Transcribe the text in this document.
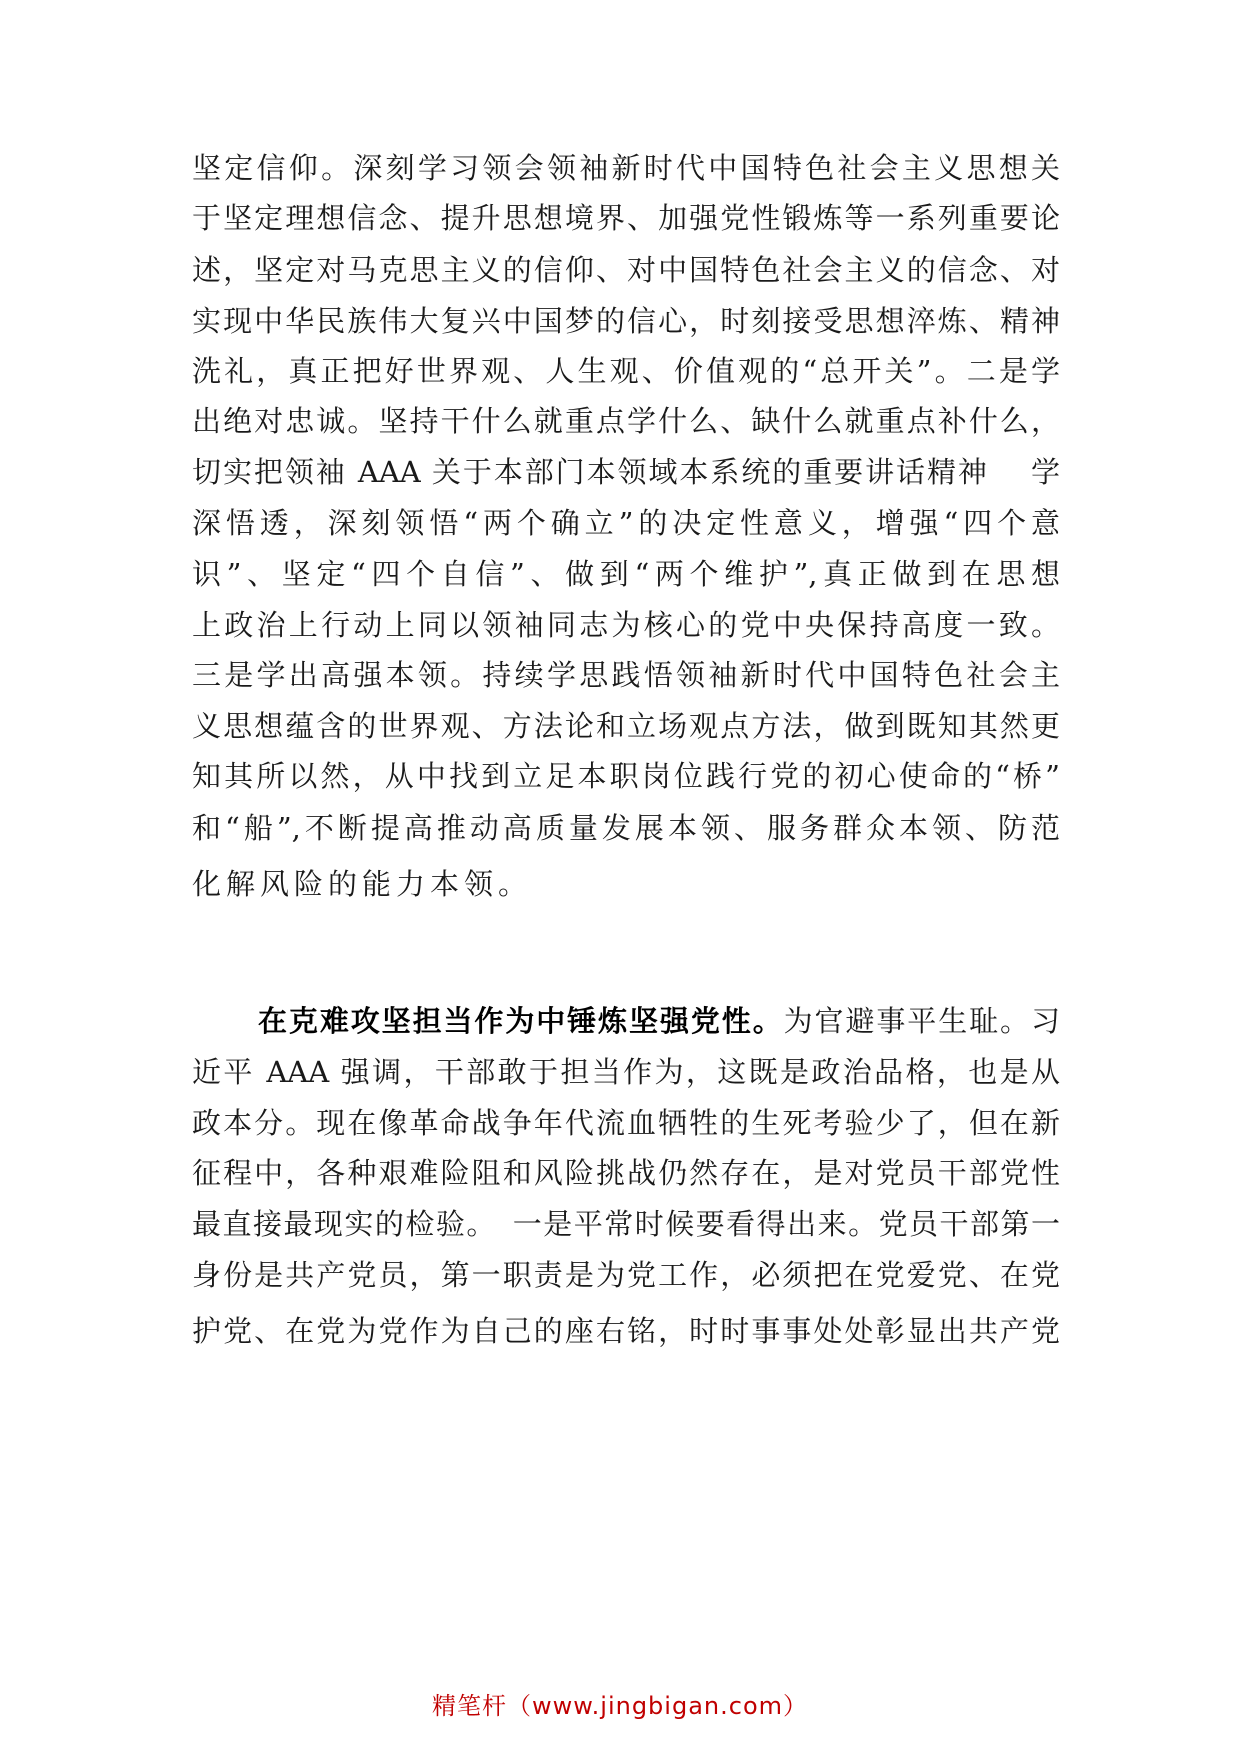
坚定信仰。深刻学习领会领袖新时代中国特色社会主义思想关
于坚定理想信念、提升思想境界、加强党性锻炼等一系列重要论
述，坚定对马克思主义的信仰、对中国特色社会主义的信念、对
实现中华民族伟大复兴中国梦的信心，时刻接受思想淬炼、精神
洗礼，真正把好世界观、人生观、价值观的“总开关”。二是学
出绝对忠诚。坚持干什么就重点学什么、缺什么就重点补什么，
切实把领袖 AAA 关于本部门本领域本系统的重要讲话精神　 学
深悟透，深刻领悟“两个确立”的决定性意义，增强“四个意
识”、坚定“四个自信”、做到“两个维护”,真正做到在思想
上政治上行动上同以领袖同志为核心的党中央保持高度一致。
三是学出高强本领。持续学思践悟领袖新时代中国特色社会主
义思想蕴含的世界观、方法论和立场观点方法，做到既知其然更
知其所以然，从中找到立足本职岗位践行党的初心使命的“桥”
和“船”,不断提高推动高质量发展本领、服务群众本领、防范
化解风险的能力本领。
在克难攻坚担当作为中锤炼坚强党性。为官避事平生耻。习
近平 AAA 强调，干部敢于担当作为，这既是政治品格，也是从
政本分。现在像革命战争年代流血牺牲的生死考验少了，但在新
征程中，各种艰难险阻和风险挑战仍然存在，是对党员干部党性
最直接最现实的检验。　一是平常时候要看得出来。党员干部第一
身份是共产党员，第一职责是为党工作，必须把在党爱党、在党
护党、在党为党作为自己的座右铭，时时事事处处彰显出共产党
精笔杆（www.jingbigan.com）
